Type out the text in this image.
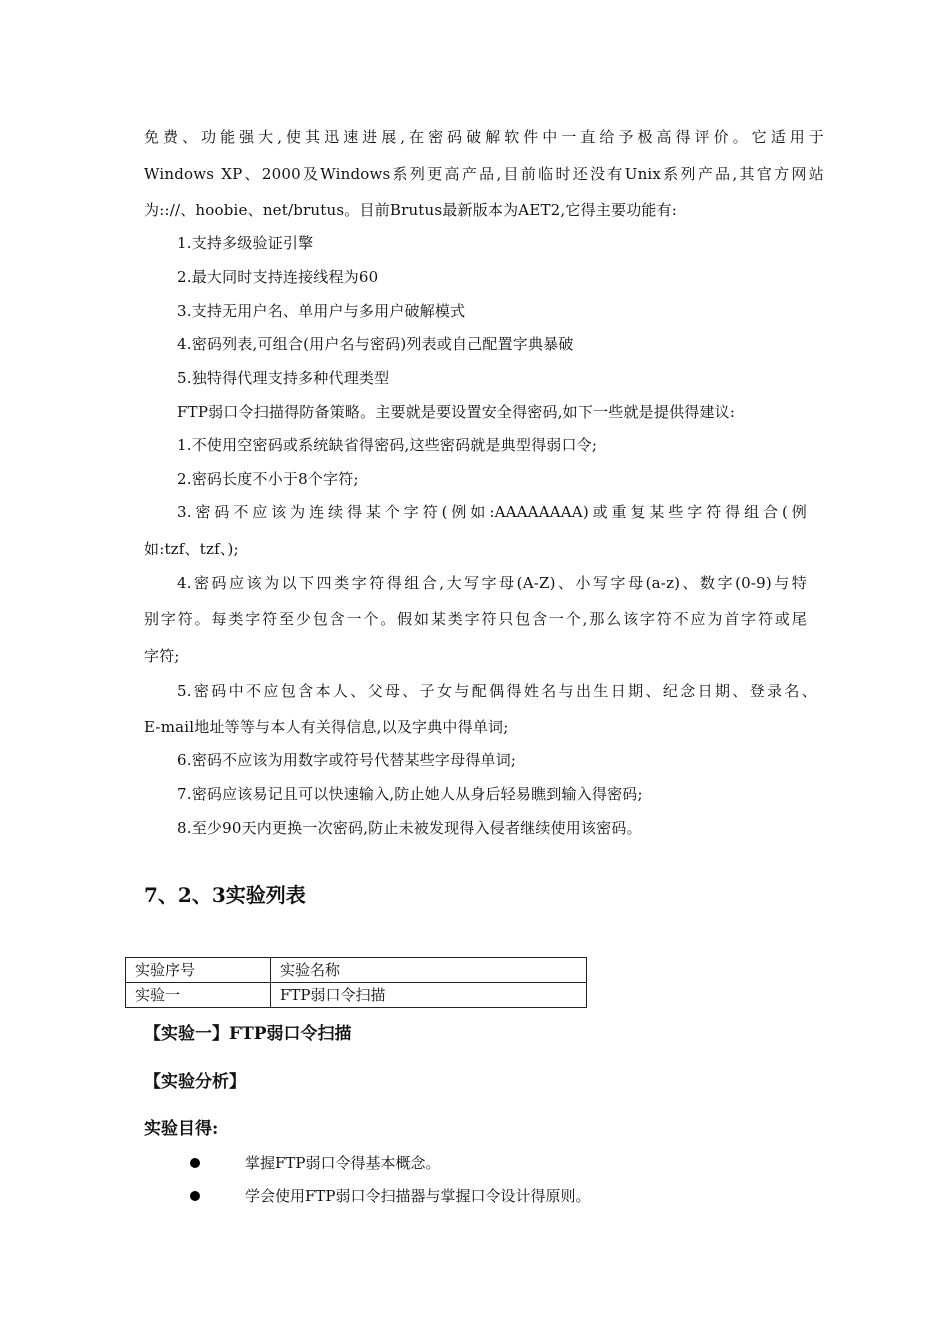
免费、功能强大,使其迅速进展,在密码破解软件中一直给予极高得评价。它适用于
Windows XP、2000及Windows系列更高产品,目前临时还没有Unix系列产品,其官方网站
为:://、hoobie、net/brutus。目前Brutus最新版本为AET2,它得主要功能有:
1.支持多级验证引擎
2.最大同时支持连接线程为60
3.支持无用户名、单用户与多用户破解模式
4.密码列表,可组合(用户名与密码)列表或自己配置字典暴破
5.独特得代理支持多种代理类型
FTP弱口令扫描得防备策略。主要就是要设置安全得密码,如下一些就是提供得建议:
1.不使用空密码或系统缺省得密码,这些密码就是典型得弱口令;
2.密码长度不小于8个字符;
3.密码不应该为连续得某个字符(例如:AAAAAAAA)或重复某些字符得组合(例
如:tzf、tzf、);
4.密码应该为以下四类字符得组合,大写字母(A-Z)、小写字母(a-z)、数字(0-9)与特
别字符。每类字符至少包含一个。假如某类字符只包含一个,那么该字符不应为首字符或尾
字符;
5.密码中不应包含本人、父母、子女与配偶得姓名与出生日期、纪念日期、登录名、
E-mail地址等等与本人有关得信息,以及字典中得单词;
6.密码不应该为用数字或符号代替某些字母得单词;
7.密码应该易记且可以快速输入,防止她人从身后轻易瞧到输入得密码;
8.至少90天内更换一次密码,防止未被发现得入侵者继续使用该密码。
7、2、3实验列表
实验序号	实验名称
实验一	FTP弱口令扫描
【实验一】FTP弱口令扫描
【实验分析】
实验目得:
掌握FTP弱口令得基本概念。
学会使用FTP弱口令扫描器与掌握口令设计得原则。
